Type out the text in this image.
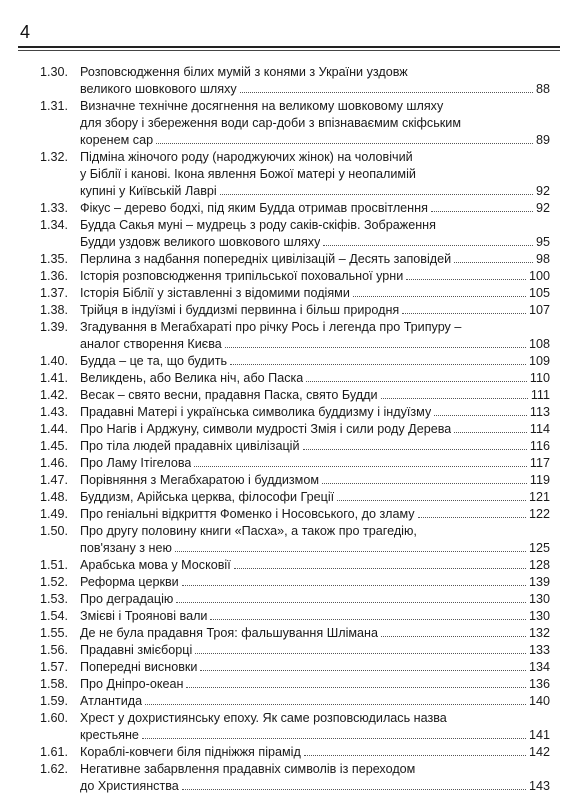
4
1.30. Розповсюдження білих мумій з конями з України уздовж
великого шовкового шляху	88
1.31. Визначне технічне досягнення на великому шовковому шляху
для збору і збереження води сар-доби з впізнаваємим скіфським
коренем сар	89
1.32. Підміна жіночого роду (народжуючих жінок) на чоловічий
у Біблії і канові. Ікона явлення Божої матері у неопалимій
купині у Київській Лаврі	92
1.33. Фікус – дерево бодхі, під яким Будда отримав просвітлення	92
1.34. Будда Сакья муні – мудрець з роду саків-скіфів. Зображення
Будди уздовж великого шовкового шляху	95
1.35. Перлина з надбання попередніх цивілізацій – Десять заповідей	98
1.36. Історія розповсюдження трипільської поховальної урни	100
1.37. Історія Біблії у зіставленні з відомими подіями	105
1.38. Трійця в індуїзмі і буддизмі первинна і більш природня	107
1.39. Згадування в Мегабхараті про річку Рось і легенда про Трипуру –
аналог створення Києва	108
1.40. Будда – це та, що будить	109
1.41. Великдень, або Велика ніч, або Паска	110
1.42. Весак – свято весни, прадавня Паска, свято Будди	111
1.43. Прадавні Матері і українська символика буддизму і індуїзму	113
1.44. Про Нагів і Арджуну, символи мудрості Змія і сили роду Дерева	114
1.45. Про тіла людей прадавніх цивілізацій	116
1.46. Про Ламу Ітігелова	117
1.47. Порівняння з Мегабхаратою і буддизмом	119
1.48. Буддизм, Арійська церква, філософи Греції	121
1.49. Про геніальні відкриття Фоменко і Носовського, до зламу	122
1.50. Про другу половину книги «Пасха», а також про трагедію,
пов'язану з нею	125
1.51. Арабська мова у Московії	128
1.52. Реформа церкви	139
1.53. Про деградацію	130
1.54. Змієві і Троянові вали	130
1.55. Де не була прадавня Троя: фальшування Шлімана	132
1.56. Прадавні змієборці	133
1.57. Попередні висновки	134
1.58. Про Дніпро-океан	136
1.59. Атлантида	140
1.60. Хрест у дохристиянську епоху. Як саме розповсюдилась назва
крестьяне	141
1.61. Кораблі-ковчеги біля підніжжя пірамід	142
1.62. Негативне забарвлення прадавніх символів із переходом
до Християнства	143
